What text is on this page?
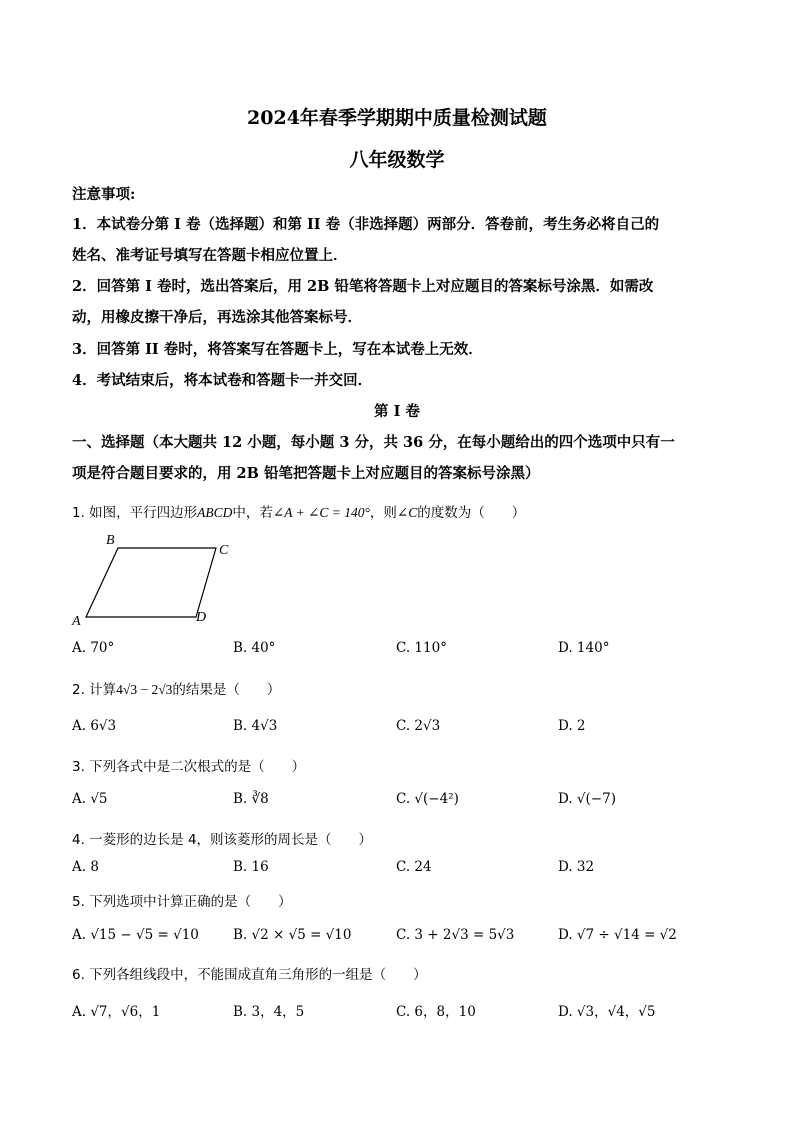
2024年春季学期期中质量检测试题
八年级数学
注意事项:
1．本试卷分第 I 卷（选择题）和第 II 卷（非选择题）两部分．答卷前，考生务必将自己的
姓名、准考证号填写在答题卡相应位置上．
2．回答第 I 卷时，选出答案后，用 2B 铅笔将答题卡上对应题目的答案标号涂黑．如需改
动，用橡皮擦干净后，再选涂其他答案标号．
3．回答第 II 卷时，将答案写在答题卡上，写在本试卷上无效．
4．考试结束后，将本试卷和答题卡一并交回．
第 I 卷
一、选择题（本大题共 12 小题，每小题 3 分，共 36 分，在每小题给出的四个选项中只有一
项是符合题目要求的，用 2B 铅笔把答题卡上对应题目的答案标号涂黑）
1. 如图，平行四边形ABCD中，若∠A + ∠C = 140°，则∠C的度数为（　　）
B
C
A	D
A. 70°	B. 40°	C. 110°	D. 140°
2. 计算4√3 − 2√3的结果是（　　）
A. 6√3	B. 4√3	C. 2√3	D. 2
3. 下列各式中是二次根式的是（　　）
A. √5	B. ∛8	C. √(−4²)	D. √(−7)
4. 一菱形的边长是 4，则该菱形的周长是（　　）
A. 8	B. 16	C. 24	D. 32
5. 下列选项中计算正确的是（　　）
A. √15 − √5 = √10	B. √2 × √5 = √10	C. 3 + 2√3 = 5√3	D. √7 ÷ √14 = √2
6. 下列各组线段中，不能围成直角三角形的一组是（　　）
A. √7，√6，1	B. 3，4，5	C. 6，8，10	D. √3，√4，√5
